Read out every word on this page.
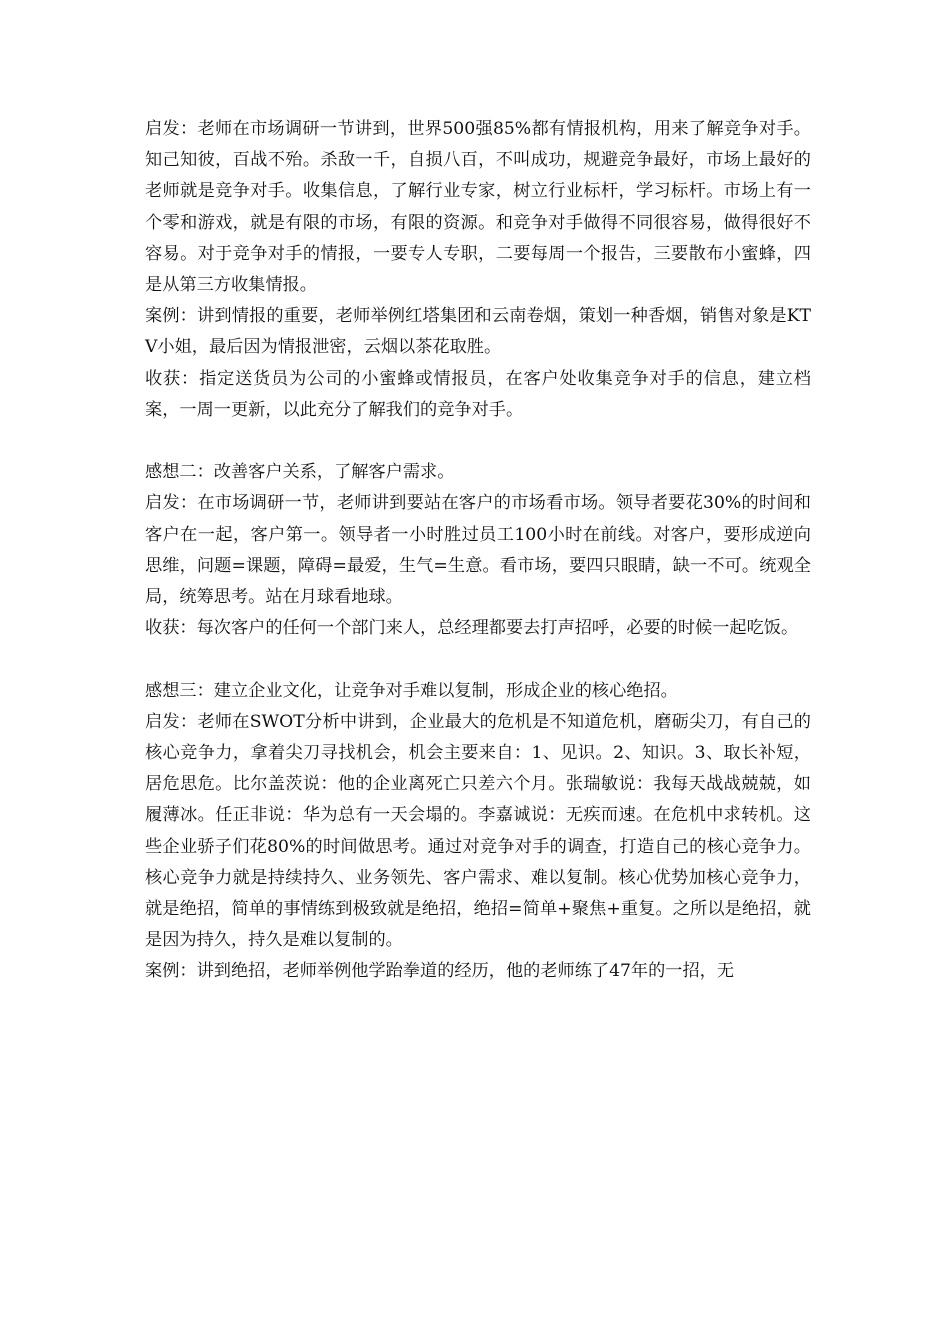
启发：老师在市场调研一节讲到，世界500强85%都有情报机构，用来了解竞争对手。知己知彼，百战不殆。杀敌一千，自损八百，不叫成功，规避竞争最好，市场上最好的老师就是竞争对手。收集信息，了解行业专家，树立行业标杆，学习标杆。市场上有一个零和游戏，就是有限的市场，有限的资源。和竞争对手做得不同很容易，做得很好不容易。对于竞争对手的情报，一要专人专职，二要每周一个报告，三要散布小蜜蜂，四是从第三方收集情报。

案例：讲到情报的重要，老师举例红塔集团和云南卷烟，策划一种香烟，销售对象是KTV小姐，最后因为情报泄密，云烟以茶花取胜。

收获：指定送货员为公司的小蜜蜂或情报员，在客户处收集竞争对手的信息，建立档案，一周一更新，以此充分了解我们的竞争对手。

感想二：改善客户关系，了解客户需求。

启发：在市场调研一节，老师讲到要站在客户的市场看市场。领导者要花30%的时间和客户在一起，客户第一。领导者一小时胜过员工100小时在前线。对客户，要形成逆向思维，问题=课题，障碍=最爱，生气=生意。看市场，要四只眼睛，缺一不可。统观全局，统筹思考。站在月球看地球。

收获：每次客户的任何一个部门来人，总经理都要去打声招呼，必要的时候一起吃饭。

感想三：建立企业文化，让竞争对手难以复制，形成企业的核心绝招。

启发：老师在SWOT分析中讲到，企业最大的危机是不知道危机，磨砺尖刀，有自己的核心竞争力，拿着尖刀寻找机会，机会主要来自：1、见识。2、知识。3、取长补短，居危思危。比尔盖茨说：他的企业离死亡只差六个月。张瑞敏说：我每天战战兢兢，如履薄冰。任正非说：华为总有一天会塌的。李嘉诚说：无疾而速。在危机中求转机。这些企业骄子们花80%的时间做思考。通过对竞争对手的调查，打造自己的核心竞争力。核心竞争力就是持续持久、业务领先、客户需求、难以复制。核心优势加核心竞争力，就是绝招，简单的事情练到极致就是绝招，绝招=简单+聚焦+重复。之所以是绝招，就是因为持久，持久是难以复制的。

案例：讲到绝招，老师举例他学跆拳道的经历，他的老师练了47年的一招，无
